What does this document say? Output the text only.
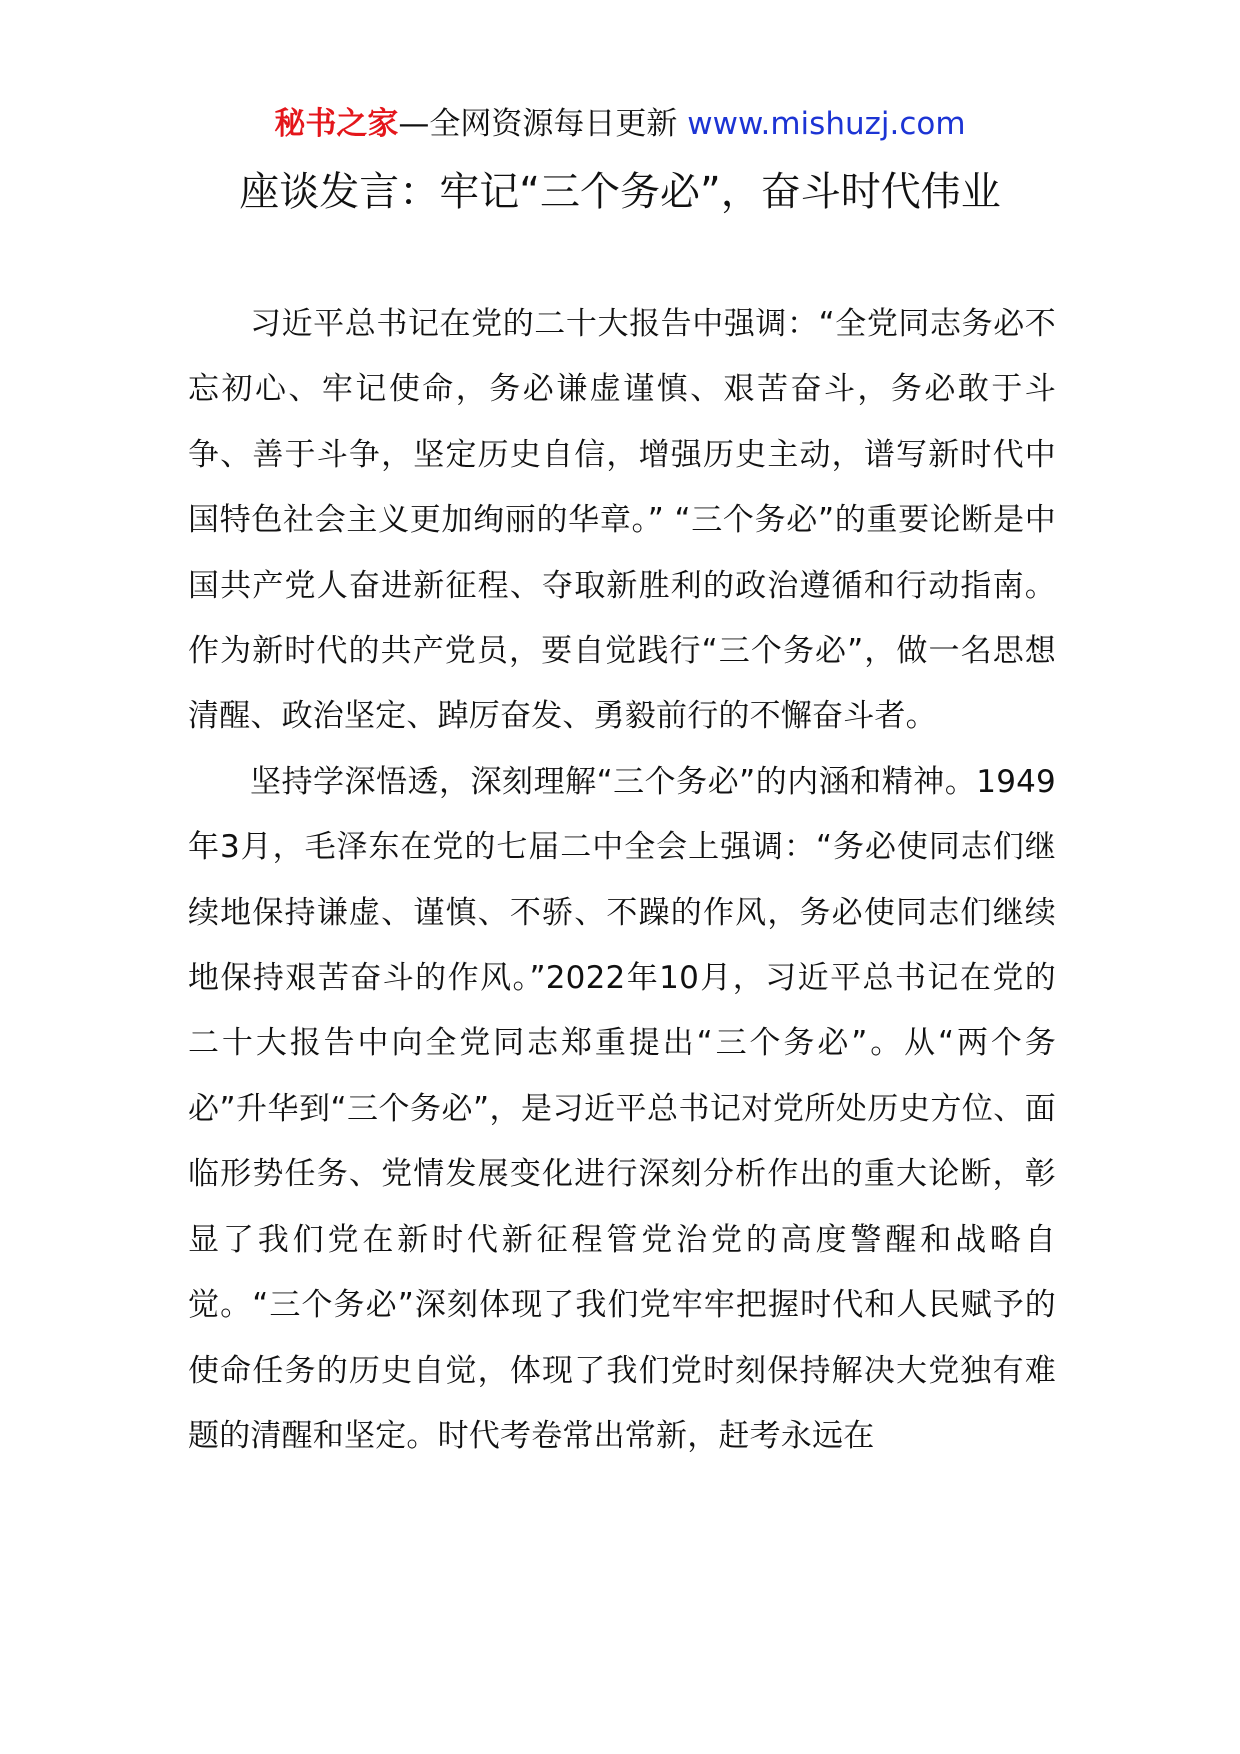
秘书之家—全网资源每日更新 www.mishuzj.com
座谈发言：牢记“三个务必”，奋斗时代伟业

习近平总书记在党的二十大报告中强调：“全党同志务必不忘初心、牢记使命，务必谦虚谨慎、艰苦奋斗，务必敢于斗争、善于斗争，坚定历史自信，增强历史主动，谱写新时代中国特色社会主义更加绚丽的华章。” “三个务必”的重要论断是中国共产党人奋进新征程、夺取新胜利的政治遵循和行动指南。作为新时代的共产党员，要自觉践行“三个务必”，做一名思想清醒、政治坚定、踔厉奋发、勇毅前行的不懈奋斗者。

坚持学深悟透，深刻理解“三个务必”的内涵和精神。1949年3月，毛泽东在党的七届二中全会上强调：“务必使同志们继续地保持谦虚、谨慎、不骄、不躁的作风，务必使同志们继续地保持艰苦奋斗的作风。”2022年10月，习近平总书记在党的二十大报告中向全党同志郑重提出“三个务必”。从“两个务必”升华到“三个务必”，是习近平总书记对党所处历史方位、面临形势任务、党情发展变化进行深刻分析作出的重大论断，彰显了我们党在新时代新征程管党治党的高度警醒和战略自觉。“三个务必”深刻体现了我们党牢牢把握时代和人民赋予的使命任务的历史自觉，体现了我们党时刻保持解决大党独有难题的清醒和坚定。时代考卷常出常新，赶考永远在
